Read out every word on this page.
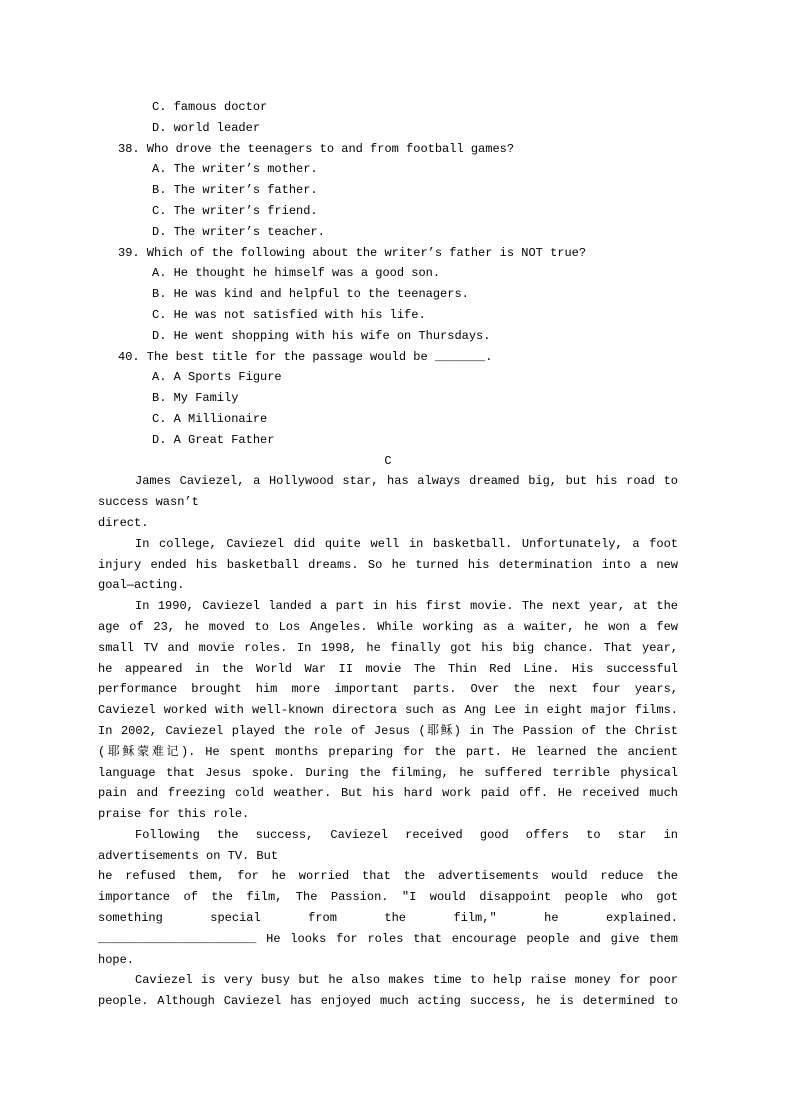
C. famous doctor
D. world leader
38. Who drove the teenagers to and from football games?
A. The writer’s mother.
B. The writer’s father.
C. The writer’s friend.
D. The writer’s teacher.
39. Which of the following about the writer’s father is NOT true?
A. He thought he himself was a good son.
B. He was kind and helpful to the teenagers.
C. He was not satisfied with his life.
D. He went shopping with his wife on Thursdays.
40. The best title for the passage would be _______.
A. A Sports Figure
B. My Family
C. A Millionaire
D. A Great Father
C
James Caviezel, a Hollywood star, has always dreamed big, but his road to
success wasn’t
direct.
In college, Caviezel did quite well in basketball. Unfortunately, a foot
injury ended his basketball dreams. So he turned his determination into a new
goal—acting.
In 1990, Caviezel landed a part in his first movie. The next year, at the
age of 23, he moved to Los Angeles. While working as a waiter, he won a few
small TV and movie roles. In 1998, he finally got his big chance. That year,
he appeared in the World War II movie The Thin Red Line. His successful
performance brought him more important parts. Over the next four years,
Caviezel worked with well-known directora such as Ang Lee in eight major films.
In 2002, Caviezel played the role of Jesus (耶稣) in The Passion of the Christ
(耶稣蒙难记). He spent months preparing for the part. He learned the ancient
language that Jesus spoke. During the filming, he suffered terrible physical
pain and freezing cold weather. But his hard work paid off. He received much
praise for this role.
Following the success, Caviezel received good offers to star in
advertisements on TV. But
he refused them, for he worried that the advertisements would reduce the
importance of the film, The Passion. ″I would disappoint people who got
something special from the film,″ he explained.
______________________ He looks for roles that encourage people and give them
hope.
Caviezel is very busy but he also makes time to help raise money for poor
people. Although Caviezel has enjoyed much acting success, he is determined to
